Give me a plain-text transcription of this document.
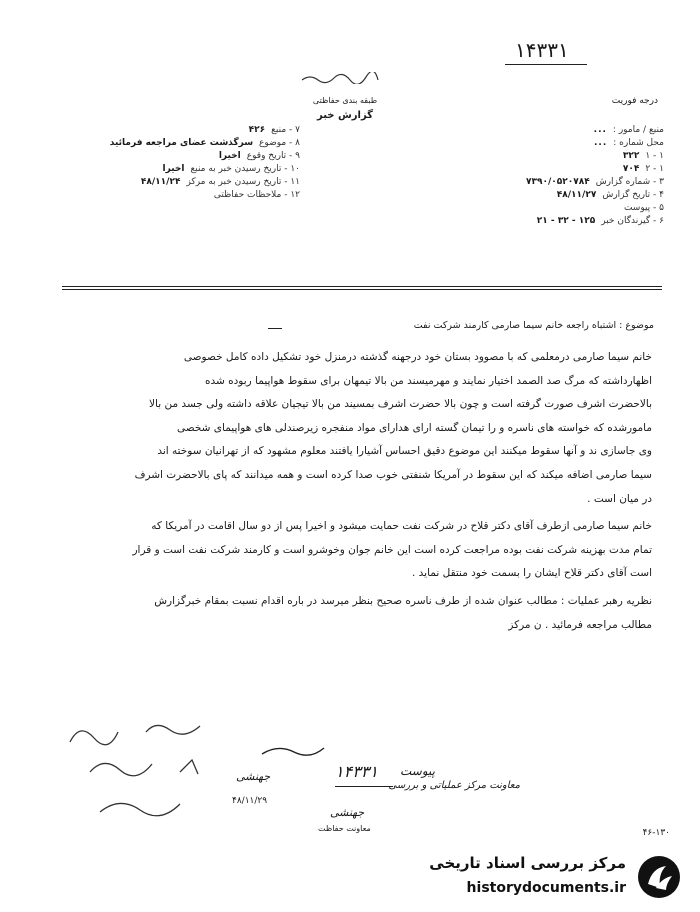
۱۴۳۳۱
طبقه بندی حفاظتی
گزارش خبر
درجه فوریت
منبع / مامور :
...
محل شماره :
...
۱ - ۱
۳۲۲
۱ - ۲
۷۰۴
۳ - شماره گزارش
۷۳۹۰/۰۵۲۰۷۸۴
۴ - تاریخ گزارش
۴۸/۱۱/۲۷
۵ - پیوست
۶ - گیرندگان خبر
۱۲۵ - ۳۲ - ۲۱
۷ - منبع
۴۲۶
۸ - موضوع
سرگذشت عضای مراجعه فرمائید
۹ - تاریخ وقوع
اخیرا
۱۰ - تاریخ رسیدن خبر به منبع
اخیرا
۱۱ - تاریخ رسیدن خبر به مرکز
۴۸/۱۱/۲۴
۱۲ - ملاحظات حفاظتی

موضوع : اشتباه راجعه خانم سیما صارمی کارمند شرکت نفت

خانم سیما صارمی درمعلمی که با مصوود بستان خود درجهنه گذشته درمنزل خود تشکیل داده کامل خصوصی

اظهارداشته که مرگ صد الصمد اختیار نمایند و مهرمیسند من بالا تیمهان برای سقوط هواپیما ربوده شده

بالاحضرت اشرف صورت گرفته است و چون بالا حضرت اشرف بمسیند من بالا تیجیان علاقه داشته ولی جسد من بالا

مامورشده که خواسته های ناسره و را تیمان گسته ارای هدارای مواد منفجره زیرصندلی های هواپیمای شخصی

وی جاسازی ند و آنها سقوط میکنند این موضوع دقیق احساس آشیارا یافتند معلوم مشهود که از تهرانیان سوخته اند

سیما صارمی اضافه میکند که این سقوط در آمریکا شنفتی خوب صدا کرده است و همه میدانند که پای بالاحضرت اشرف

در میان است .

خانم سیما صارمی ازطرف آقای دکتر قلاح در شرکت نفت حمایت میشود و اخیرا پس از دو سال اقامت در آمریکا که

تمام مدت بهزینه شرکت نفت بوده مراجعت کرده است این خانم جوان وخوشرو است و کارمند شرکت نفت است و قرار

است آقای دکتر قلاح ایشان را بسمت خود منتقل نماید .

نظریه رهبر عملیات : مطالب عنوان شده از طرف ناسره صحیح بنظر میرسد در باره اقدام نسبت بمقام خبرگزارش

مطالب مراجعه فرمائید . ن مرکز

جهنشی
۴۸/۱۱/۲۹
۱۴۳۳۱ پیوست
معاونت مرکز عملیاتی و بررسی
جهنشی
معاونت حفاظت	۴۶-۱۳۰
مرکز بررسی اسناد تاریخی
historydocuments.ir
